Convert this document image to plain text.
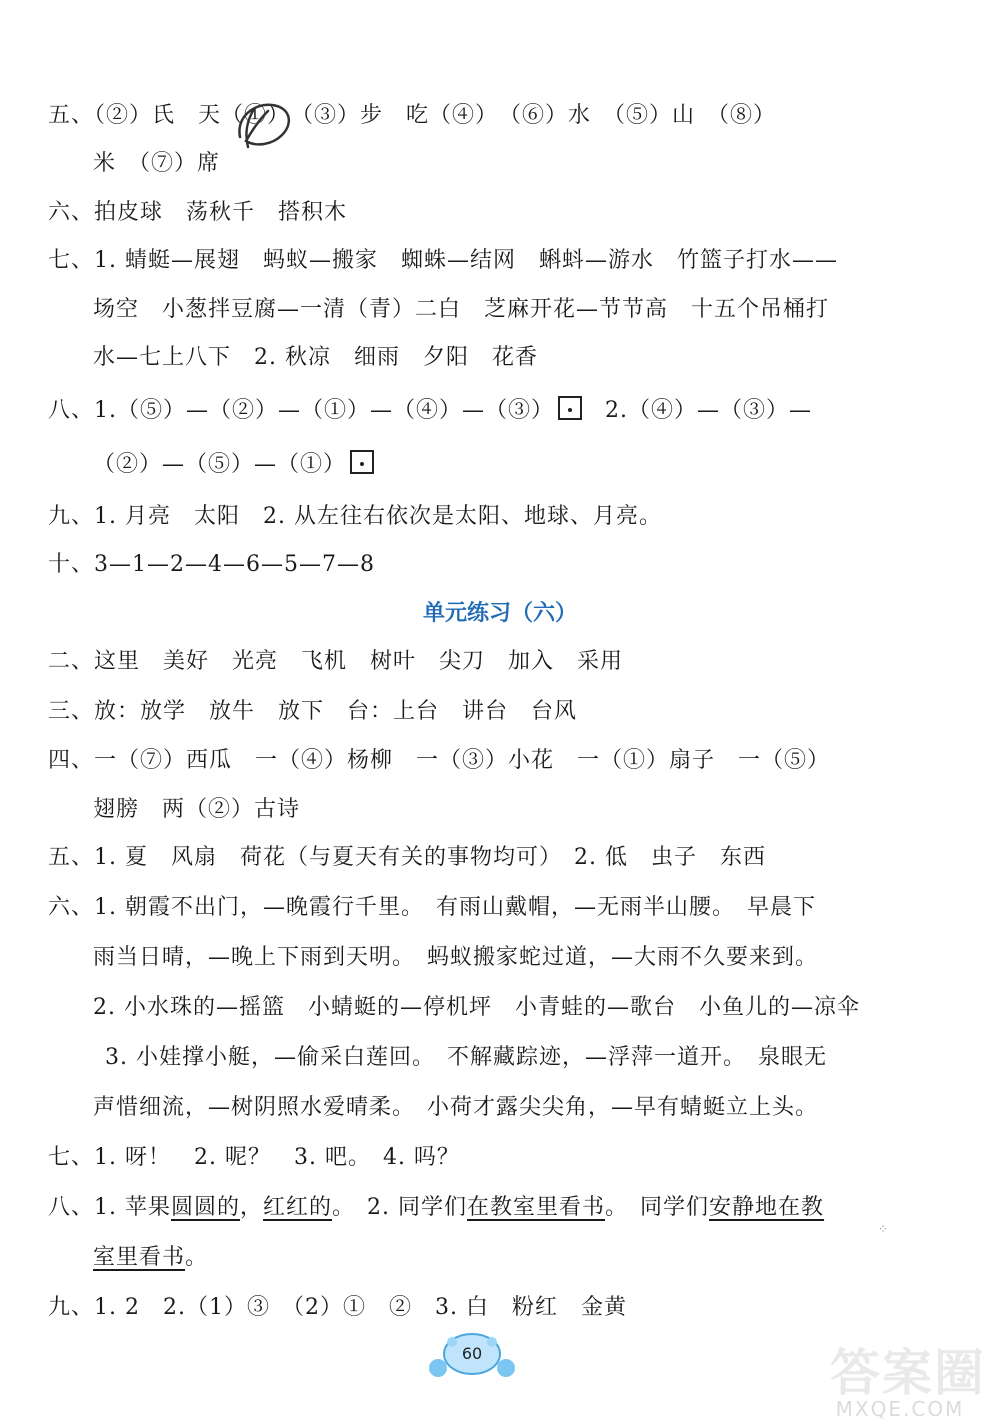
五、（②）氏　天（①）　（③）步　吃（④）　（⑥）水　（⑤）山　（⑧）
米　（⑦）席
六、拍皮球　荡秋千　搭积木
七、1. 蜻蜓—展翅　蚂蚁—搬家　蜘蛛—结网　蝌蚪—游水　竹篮子打水——
场空　小葱拌豆腐—一清（青）二白　芝麻开花—节节高　十五个吊桶打
水—七上八下　2. 秋凉　细雨　夕阳　花香
八、1.（⑤）—（②）—（①）—（④）—（③）　2.（④）—（③）—
（②）—（⑤）—（①）
九、1. 月亮　太阳　2. 从左往右依次是太阳、地球、月亮。
十、3—1—2—4—6—5—7—8
单元练习（六）
二、这里　美好　光亮　飞机　树叶　尖刀　加入　采用
三、放：放学　放牛　放下　台：上台　讲台　台风
四、一（⑦）西瓜　一（④）杨柳　一（③）小花　一（①）扇子　一（⑤）
翅膀　两（②）古诗
五、1. 夏　风扇　荷花（与夏天有关的事物均可）　2. 低　虫子　东西
六、1. 朝霞不出门，—晚霞行千里。　有雨山戴帽，—无雨半山腰。　早晨下
雨当日晴，—晚上下雨到天明。　蚂蚁搬家蛇过道，—大雨不久要来到。
2. 小水珠的—摇篮　小蜻蜓的—停机坪　小青蛙的—歌台　小鱼儿的—凉伞
3. 小娃撑小艇，—偷采白莲回。　不解藏踪迹，—浮萍一道开。　泉眼无
声惜细流，—树阴照水爱晴柔。　小荷才露尖尖角，—早有蜻蜓立上头。
七、1. 呀！　2. 呢？　3. 吧。　4. 吗？
八、1. 苹果圆圆的，红红的。　2. 同学们在教室里看书。　同学们安静地在教
⁘
室里看书。
九、1. 2　2.（1）③　（2）①　②　3. 白　粉红　金黄
60	答案圈
MXQE.COM
